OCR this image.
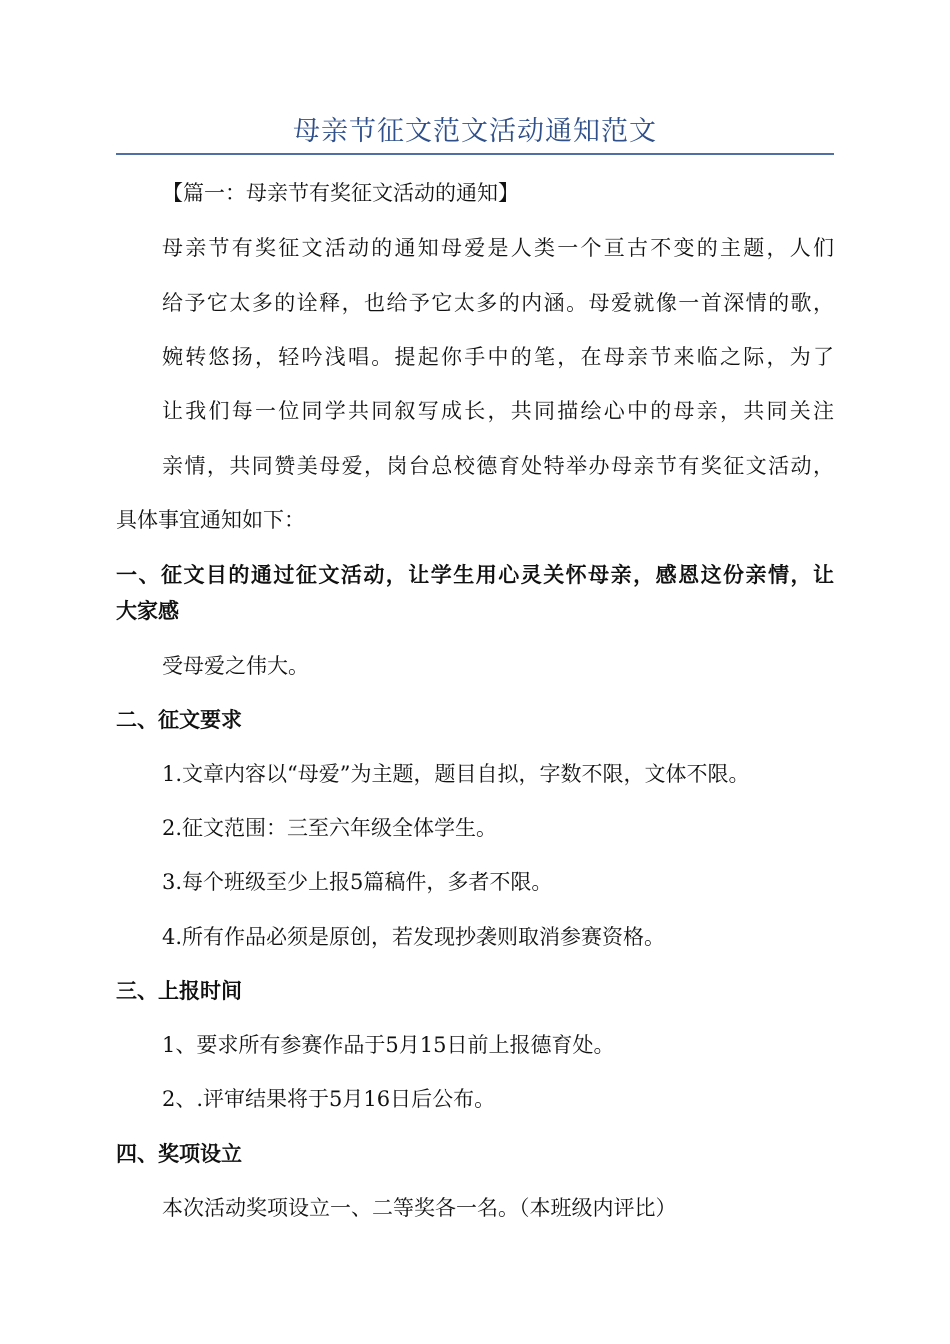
母亲节征文范文活动通知范文
【篇一：母亲节有奖征文活动的通知】
母亲节有奖征文活动的通知母爱是人类一个亘古不变的主题，人们
给予它太多的诠释，也给予它太多的内涵。母爱就像一首深情的歌，
婉转悠扬，轻吟浅唱。提起你手中的笔，在母亲节来临之际，为了
让我们每一位同学共同叙写成长，共同描绘心中的母亲，共同关注
亲情，共同赞美母爱，岗台总校德育处特举办母亲节有奖征文活动，
具体事宜通知如下：
一、征文目的通过征文活动，让学生用心灵关怀母亲，感恩这份亲情，让
大家感
受母爱之伟大。
二、征文要求
1.文章内容以“母爱”为主题，题目自拟，字数不限，文体不限。
2.征文范围：三至六年级全体学生。
3.每个班级至少上报5篇稿件，多者不限。
4.所有作品必须是原创，若发现抄袭则取消参赛资格。
三、上报时间
1、要求所有参赛作品于5月15日前上报德育处。
2、.评审结果将于5月16日后公布。
四、奖项设立
本次活动奖项设立一、二等奖各一名。（本班级内评比）
